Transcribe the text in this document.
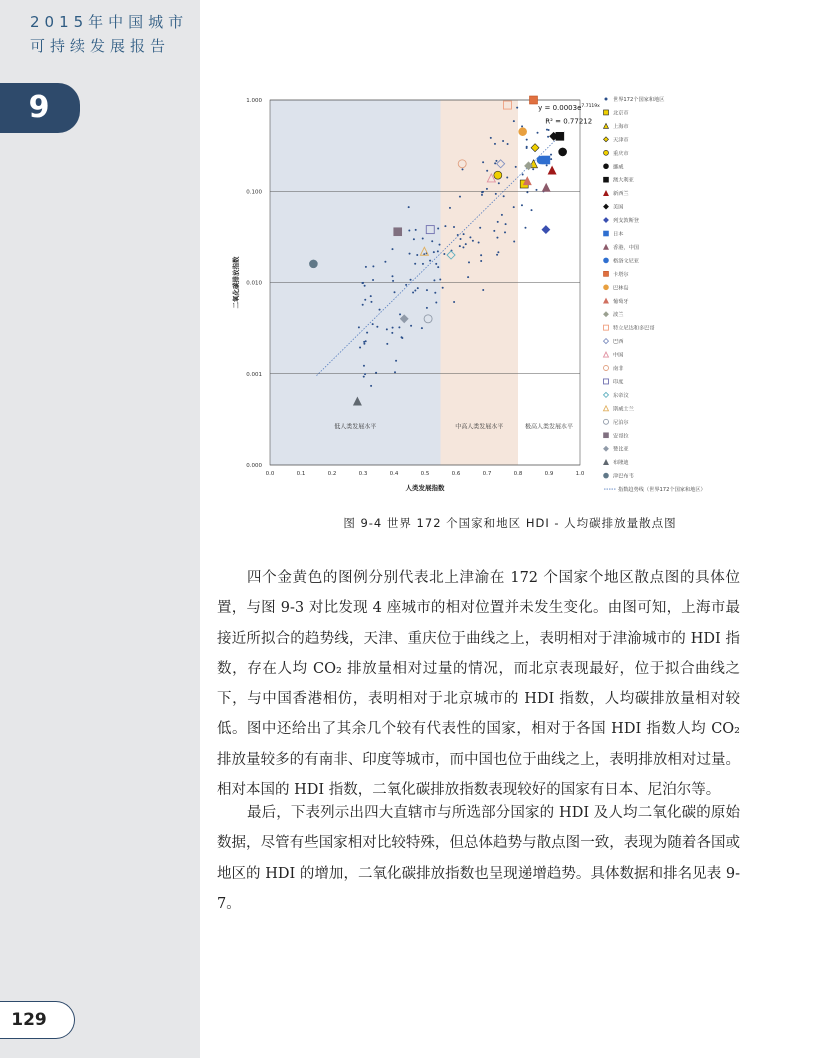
2015年中国城市可持续发展报告
9
129
0.000
0.001
0.010
0.100
1.000
0.0	0.1	0.2	0.3	0.4	0.5	0.6	0.7	0.8	0.9	1.0
人类发展指数
二氧化碳排放指数
低人类发展水平	中高人类发展水平	极高人类发展水平
$y = 0.0003e^{7.7119x}$
R² = 0.77212
世界172个国家和地区
北京市
上海市
天津市
重庆市
挪威
澳大利亚
新西兰
美国
列支敦斯登
日本
香港，中国
格洛文尼亚
卡塔尔
巴林岛
葡萄牙
波兰
特立尼达和多巴哥
巴西
中国
南非
印度
东帝汶
斯威士兰
尼泊尔
安哥拉
赞比亚
布隆迪
津巴布韦
指数趋势线（世界172个国家和地区）
图 9-4 世界 172 个国家和地区 HDI - 人均碳排放量散点图

四个金黄色的图例分别代表北上津渝在 172 个国家个地区散点图的具体位置，与图 9-3 对比发现 4 座城市的相对位置并未发生变化。由图可知，上海市最接近所拟合的趋势线，天津、重庆位于曲线之上，表明相对于津渝城市的 HDI 指数，存在人均 CO₂ 排放量相对过量的情况，而北京表现最好，位于拟合曲线之下，与中国香港相仿，表明相对于北京城市的 HDI 指数，人均碳排放量相对较低。图中还给出了其余几个较有代表性的国家，相对于各国 HDI 指数人均 CO₂ 排放量较多的有南非、印度等城市，而中国也位于曲线之上，表明排放相对过量。相对本国的 HDI 指数，二氧化碳排放指数表现较好的国家有日本、尼泊尔等。

最后，下表列示出四大直辖市与所选部分国家的 HDI 及人均二氧化碳的原始数据，尽管有些国家相对比较特殊，但总体趋势与散点图一致，表现为随着各国或地区的 HDI 的增加，二氧化碳排放指数也呈现递增趋势。具体数据和排名见表 9-7。
